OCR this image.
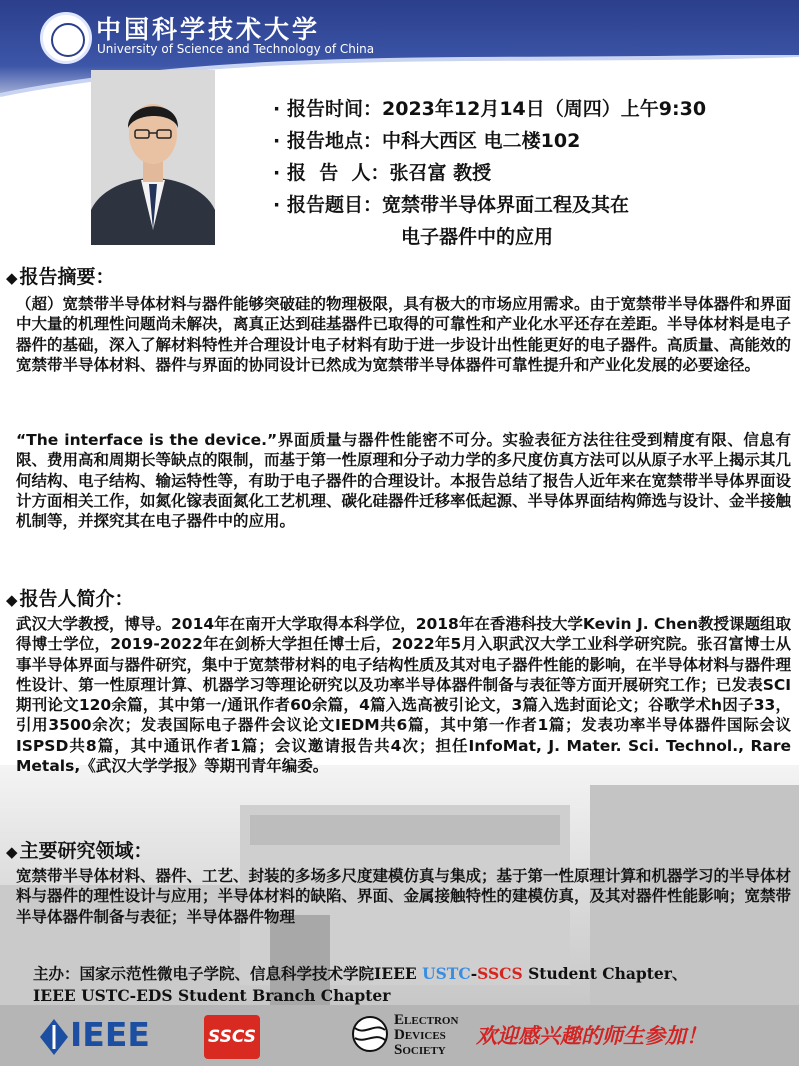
中国科学技术大学
University of Science and Technology of China
· 报告时间：2023年12月14日（周四）上午9:30
· 报告地点：中科大西区 电二楼102
· 报  告  人：张召富 教授
· 报告题目：宽禁带半导体界面工程及其在
电子器件中的应用
◆ 报告摘要：
（超）宽禁带半导体材料与器件能够突破硅的物理极限，具有极大的市场应用需求。由于宽禁带半导体器件和界面中大量的机理性问题尚未解决，离真正达到硅基器件已取得的可靠性和产业化水平还存在差距。半导体材料是电子器件的基础，深入了解材料特性并合理设计电子材料有助于进一步设计出性能更好的电子器件。高质量、高能效的宽禁带半导体材料、器件与界面的协同设计已然成为宽禁带半导体器件可靠性提升和产业化发展的必要途径。
“The interface is the device.”界面质量与器件性能密不可分。实验表征方法往往受到精度有限、信息有限、费用高和周期长等缺点的限制，而基于第一性原理和分子动力学的多尺度仿真方法可以从原子水平上揭示其几何结构、电子结构、输运特性等，有助于电子器件的合理设计。本报告总结了报告人近年来在宽禁带半导体界面设计方面相关工作，如氮化镓表面氮化工艺机理、碳化硅器件迁移率低起源、半导体界面结构筛选与设计、金半接触机制等，并探究其在电子器件中的应用。
◆ 报告人简介：
武汉大学教授，博导。2014年在南开大学取得本科学位，2018年在香港科技大学Kevin J. Chen教授课题组取得博士学位，2019-2022年在剑桥大学担任博士后，2022年5月入职武汉大学工业科学研究院。张召富博士从事半导体界面与器件研究，集中于宽禁带材料的电子结构性质及其对电子器件性能的影响，在半导体材料与器件理性设计、第一性原理计算、机器学习等理论研究以及功率半导体器件制备与表征等方面开展研究工作；已发表SCI期刊论文120余篇，其中第一/通讯作者60余篇，4篇入选高被引论文，3篇入选封面论文；谷歌学术h因子33，引用3500余次；发表国际电子器件会议论文IEDM共6篇，其中第一作者1篇；发表功率半导体器件国际会议ISPSD共8篇，其中通讯作者1篇；会议邀请报告共4次；担任InfoMat, J. Mater. Sci. Technol., Rare Metals,《武汉大学学报》等期刊青年编委。
◆ 主要研究领域：
宽禁带半导体材料、器件、工艺、封装的多场多尺度建模仿真与集成；基于第一性原理计算和机器学习的半导体材料与器件的理性设计与应用；半导体材料的缺陷、界面、金属接触特性的建模仿真，及其对器件性能影响；宽禁带半导体器件制备与表征；半导体器件物理
主办：国家示范性微电子学院、信息科学技术学院IEEE USTC-SSCS Student Chapter、
IEEE USTC-EDS Student Branch Chapter
IEEE	SSCS
ELECTRON
DEVICES
SOCIETY
欢迎感兴趣的师生参加！
